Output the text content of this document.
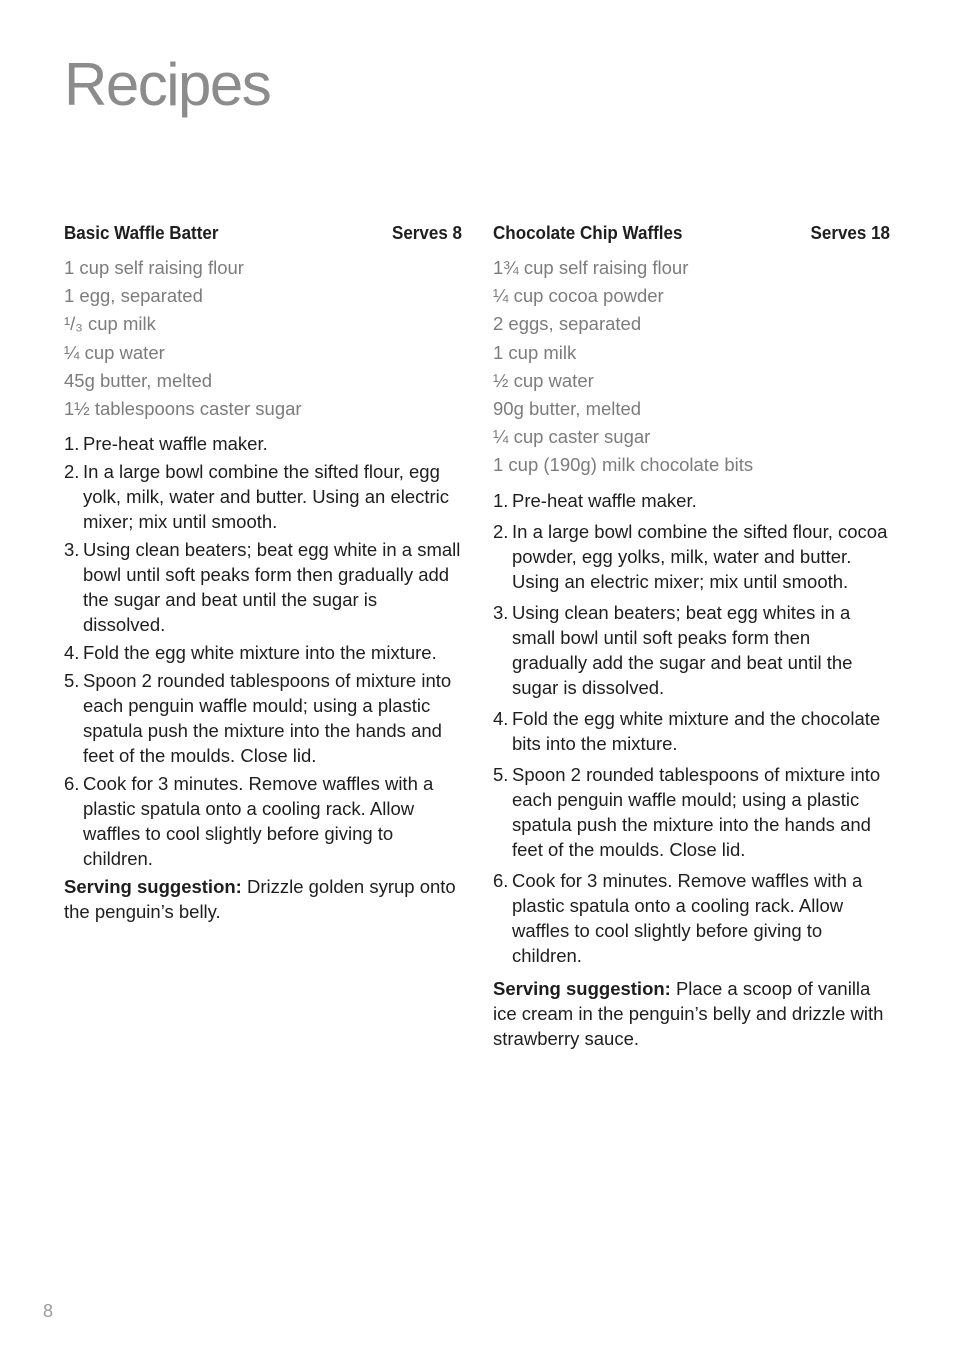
Recipes
Basic Waffle Batter	Serves 8
1 cup self raising flour
1 egg, separated
¹/₃ cup milk
¼ cup water
45g butter, melted
1½ tablespoons caster sugar
1. Pre-heat waffle maker.
2. In a large bowl combine the sifted flour, egg yolk, milk, water and butter. Using an electric mixer; mix until smooth.
3. Using clean beaters; beat egg white in a small bowl until soft peaks form then gradually add the sugar and beat until the sugar is dissolved.
4. Fold the egg white mixture into the mixture.
5. Spoon 2 rounded tablespoons of mixture into each penguin waffle mould; using a plastic spatula push the mixture into the hands and feet of the moulds. Close lid.
6. Cook for 3 minutes. Remove waffles with a plastic spatula onto a cooling rack. Allow waffles to cool slightly before giving to children.

Serving suggestion: Drizzle golden syrup onto the penguin’s belly.

Chocolate Chip Waffles	Serves 18
1¾ cup self raising flour
¼ cup cocoa powder
2 eggs, separated
1 cup milk
½ cup water
90g butter, melted
¼ cup caster sugar
1 cup (190g) milk chocolate bits
1. Pre-heat waffle maker.
2. In a large bowl combine the sifted flour, cocoa powder, egg yolks, milk, water and butter. Using an electric mixer; mix until smooth.
3. Using clean beaters; beat egg whites in a small bowl until soft peaks form then gradually add the sugar and beat until the sugar is dissolved.
4. Fold the egg white mixture and the chocolate bits into the mixture.
5. Spoon 2 rounded tablespoons of mixture into each penguin waffle mould; using a plastic spatula push the mixture into the hands and feet of the moulds. Close lid.
6. Cook for 3 minutes. Remove waffles with a plastic spatula onto a cooling rack. Allow waffles to cool slightly before giving to children.

Serving suggestion: Place a scoop of vanilla ice cream in the penguin’s belly and drizzle with strawberry sauce.

8
